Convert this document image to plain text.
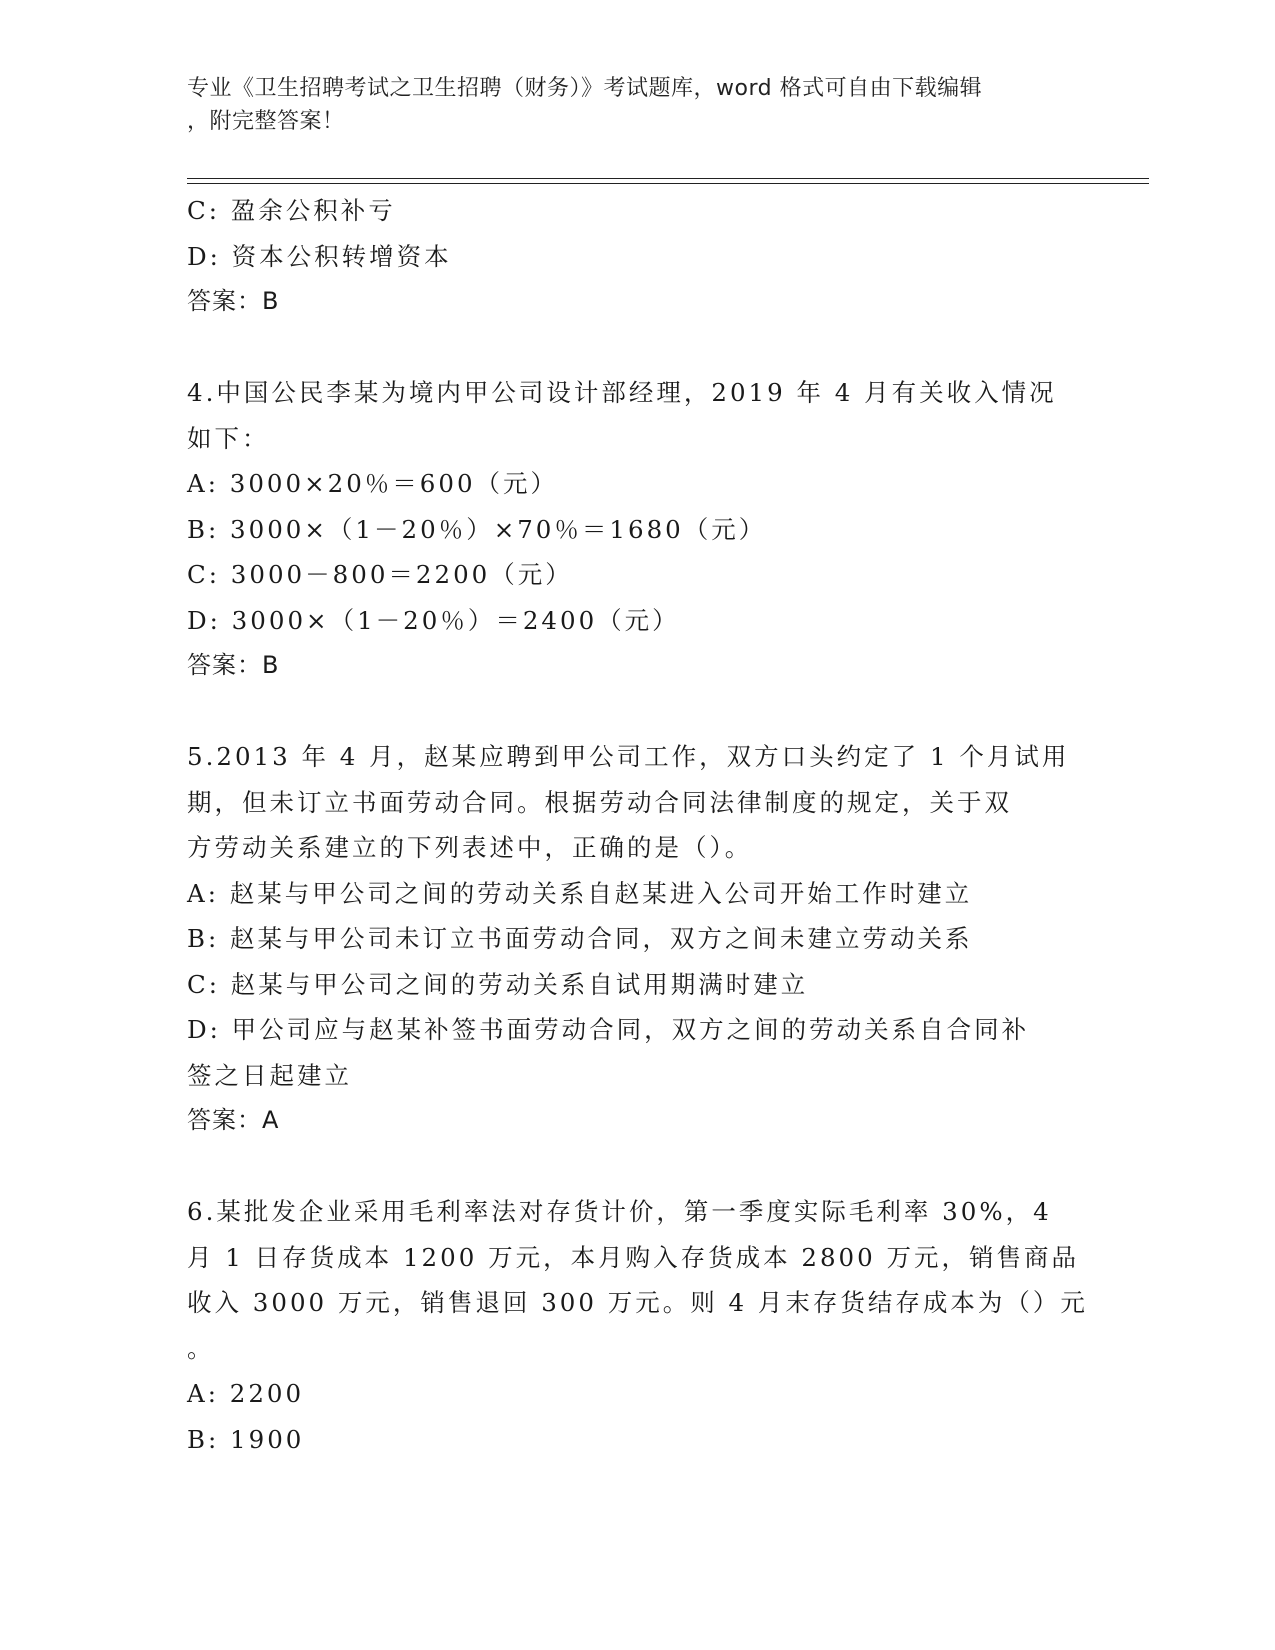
专业《卫生招聘考试之卫生招聘（财务）》考试题库，word 格式可自由下载编辑
，附完整答案！
C: 盈余公积补亏
D: 资本公积转增资本
答案：B
4.中国公民李某为境内甲公司设计部经理，2019 年 4 月有关收入情况
如下：
A: 3000×20％＝600（元）
B: 3000×（1－20％）×70％＝1680（元）
C: 3000－800＝2200（元）
D: 3000×（1－20％）＝2400（元）
答案：B
5.2013 年 4 月，赵某应聘到甲公司工作，双方口头约定了 1 个月试用
期，但未订立书面劳动合同。根据劳动合同法律制度的规定，关于双
方劳动关系建立的下列表述中，正确的是（）。
A: 赵某与甲公司之间的劳动关系自赵某进入公司开始工作时建立
B: 赵某与甲公司未订立书面劳动合同，双方之间未建立劳动关系
C: 赵某与甲公司之间的劳动关系自试用期满时建立
D: 甲公司应与赵某补签书面劳动合同，双方之间的劳动关系自合同补
签之日起建立
答案：A
6.某批发企业采用毛利率法对存货计价，第一季度实际毛利率 30%，4
月 1 日存货成本 1200 万元，本月购入存货成本 2800 万元，销售商品
收入 3000 万元，销售退回 300 万元。则 4 月末存货结存成本为（）元
。
A: 2200
B: 1900
